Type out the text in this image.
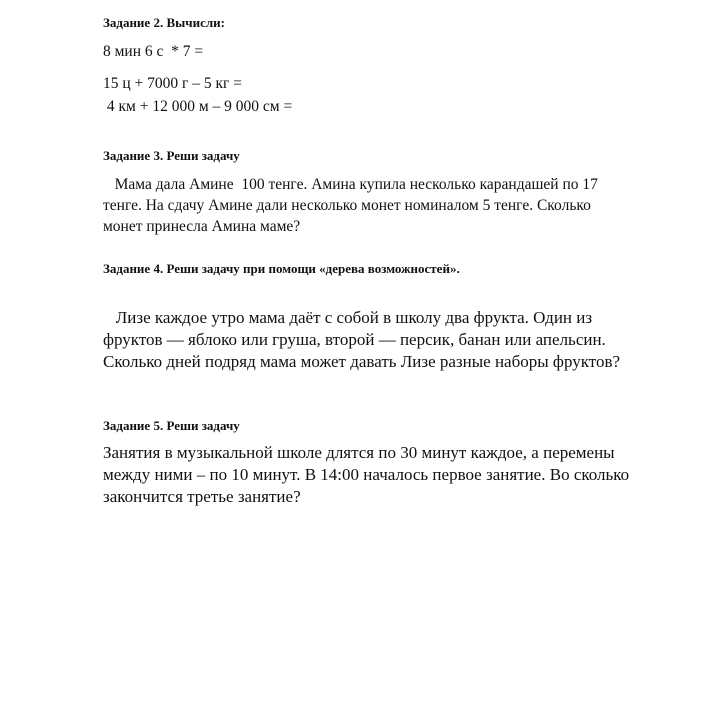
Задание 2. Вычисли:

8 мин 6 с  * 7 =

15 ц + 7000 г – 5 кг =

4 км + 12 000 м – 9 000 см =

Задание 3. Реши задачу

Мама дала Амине  100 тенге. Амина купила несколько карандашей по 17
тенге. На сдачу Амине дали несколько монет номиналом 5 тенге. Сколько
монет принесла Амина маме?

Задание 4. Реши задачу при помощи «дерева возможностей».

Лизе каждое утро мама даёт с собой в школу два фрукта. Один из
фруктов — яблоко или груша, второй — персик, банан или апельсин.
Сколько дней подряд мама может давать Лизе разные наборы фруктов?

Задание 5. Реши задачу

Занятия в музыкальной школе длятся по 30 минут каждое, а перемены
между ними – по 10 минут. В 14:00 началось первое занятие. Во сколько
закончится третье занятие?
